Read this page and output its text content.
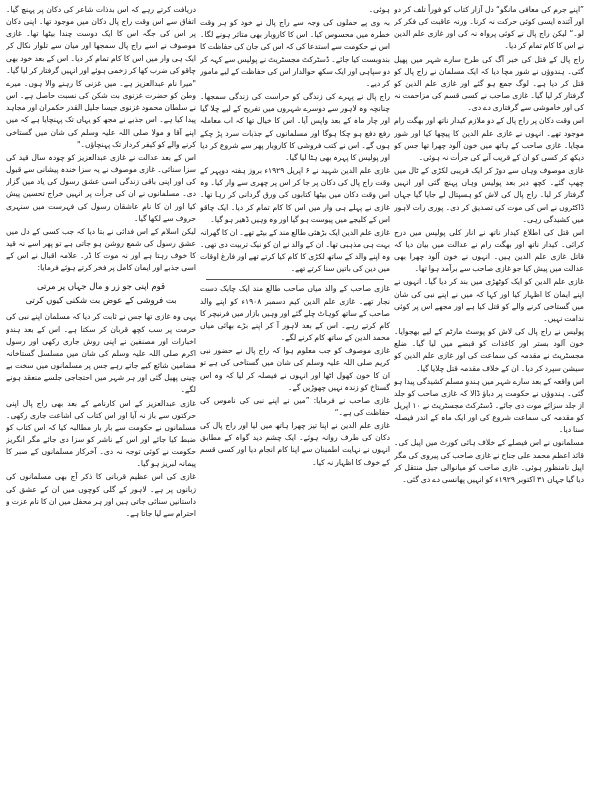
دریافت کرتے رہے کہ اس بدذات شاعر کی دکان پر پہنچ گیا۔ اتفاق سے اس وقت راج پال دکان میں موجود تھا۔ اپنی دکان پر اس کی جگہ اس کا ایک دوست چندا بیٹھا تھا۔ غازی موصوف نے اسے راج پال سمجھا اور میان سے تلوار نکال کر ایک ہی وار میں اس کا کام تمام کر دیا۔ اس کے بعد خود بھی چاقو کی ضرب کھا کر زخمی ہوئے اور انہیں گرفتار کر لیا گیا۔

"میرا نام عبدالعزیز ہے۔ میں غزنی کا رہنے والا ہوں۔ میرے وطن کو حضرت غزنوی بت شکن کی نسبت حاصل ہے۔ اس نے سلطان محمود غزنوی جیسا جلیل القدر حکمران اور مجاہد پیدا کیا ہے۔ اس جذبے نے مجھ کو یہاں تک پہنچایا ہے کہ میں اپنے آقا و مولا صلی اللہ علیہ وسلم کی شان میں گستاخی کرنے والے کو کیفر کردار تک پہنچاؤں۔"

اس کے بعد عدالت نے غازی عبدالعزیز کو چودہ سال قید کی سزا سنائی۔ غازی موصوف نے یہ سزا خندہ پیشانی سے قبول کی اور اپنی باقی زندگی اسی عشق رسول کی یاد میں گزار دی۔ مسلمانوں نے ان کی جرأت پر انہیں خراج تحسین پیش کیا اور ان کا نام عاشقان رسول کی فہرست میں سنہری حروف سے لکھا گیا۔

لیکن اسلام کے اس فدائی نے بتا دیا کہ جب کسی کے دل میں عشق رسول کی شمع روشن ہو جاتی ہے تو پھر اسے نہ قید کا خوف رہتا ہے اور نہ موت کا ڈر۔ علامہ اقبال نے اس کے اسی جذبے اور ایمان کامل پر فخر کرتے ہوئے فرمایا:

قوم اپنی جو زر و مال جہاں پر مرتی
بت فروشی کے عوض بت شکنی کیوں کرتی

یہی وہ غازی تھا جس نے ثابت کر دیا کہ مسلمان اپنے نبی کی حرمت پر سب کچھ قربان کر سکتا ہے۔ اس کے بعد ہندو اخبارات اور مصنفین نے اپنی روش جاری رکھی اور رسول اکرم صلی اللہ علیہ وسلم کی شان میں مسلسل گستاخانہ مضامین شائع کیے جاتے رہے جس پر مسلمانوں میں سخت بے چینی پھیل گئی اور ہر شہر میں احتجاجی جلسے منعقد ہونے لگے۔

غازی عبدالعزیز کے اس کارنامے کے بعد بھی راج پال اپنی حرکتوں سے باز نہ آیا اور اس کتاب کی اشاعت جاری رکھی۔ مسلمانوں نے حکومت سے بار بار مطالبہ کیا کہ اس کتاب کو ضبط کیا جائے اور اس کے ناشر کو سزا دی جائے مگر انگریز حکومت نے کوئی توجہ نہ دی۔ آخرکار مسلمانوں کے صبر کا پیمانہ لبریز ہو گیا۔

غازی کی اس عظیم قربانی کا ذکر آج بھی مسلمانوں کی زبانوں پر ہے۔ لاہور کے گلی کوچوں میں ان کے عشق کی داستانیں سنائی جاتی ہیں اور ہر محفل میں ان کا نام عزت و احترام سے لیا جاتا ہے۔

ہوئی۔

بہ وی پے حملوں کی وجہ سے راج پال نے خود کو ہر وقت خطرہ میں محسوس کیا۔ اس کا کاروبار بھی متاثر ہونے لگا۔ اس نے حکومت سے استدعا کی کہ اس کی جان کی حفاظت کا بندوبست کیا جائے۔ ڈسٹرکٹ مجسٹریٹ نے پولیس سے کہہ کر دو سپاہی اور ایک سکھ حوالدار اس کی حفاظت کے لیے مامور کر دیے۔

راج پال نے پہرے کی زندگی کو حراست کی زندگی سمجھا۔ چنانچہ وہ لاہور سے دوسرے شہروں میں تفریح کے لیے چلا گیا اور چار ماہ کے بعد واپس آیا۔ اس کا خیال تھا کہ اب معاملہ رفع دفع ہو چکا ہوگا اور مسلمانوں کے جذبات سرد پڑ چکے ہوں گے۔ اس نے کتب فروشی کا کاروبار پھر سے شروع کر دیا اور پولیس کا پہرہ بھی ہٹا لیا گیا۔

غازی علم الدین شہید نے ۶ اپریل ۱۹۲۹ء بروز ہفتہ دوپہر کے وقت راج پال کی دکان پر جا کر اس پر چھری سے وار کیا۔ وہ اس وقت دکان میں بیٹھا کتابوں کی ورق گردانی کر رہا تھا۔ غازی نے پہلے ہی وار میں اس کا کام تمام کر دیا۔ ایک چاقو اس کے کلیجے میں پیوست ہو گیا اور وہ وہیں ڈھیر ہو گیا۔

غازی علم الدین ایک بڑھئی طالع مند کے بیٹے تھے۔ ان کا گھرانہ بہت ہی مذہبی تھا۔ ان کے والد نے ان کو نیک تربیت دی تھی۔ وہ اپنے والد کے ساتھ لکڑی کا کام کیا کرتے تھے اور فارغ اوقات میں دین کی باتیں سنا کرتے تھے۔

غازی صاحب کے والد میاں صاحب طالع مند ایک چابک دست نجار تھے۔ غازی علم الدین کیم دسمبر ۱۹۰۸ء کو اپنے والد صاحب کے ساتھ کوہاٹ چلے گئے اور وہیں بازار میں فرنیچر کا کام کرتے رہے۔ اس کے بعد لاہور آ کر اپنے بڑے بھائی میاں محمد الدین کے ساتھ کام کرنے لگے۔

غازی موصوف کو جب معلوم ہوا کہ راج پال نے حضور نبی کریم صلی اللہ علیہ وسلم کی شان میں گستاخی کی ہے تو ان کا خون کھول اٹھا اور انہوں نے فیصلہ کر لیا کہ وہ اس گستاخ کو زندہ نہیں چھوڑیں گے۔

غازی صاحب نے فرمایا: ”میں نے اپنے نبی کی ناموس کی حفاظت کی ہے۔“

غازی علم الدین نے اپنا تیز چھرا ہاتھ میں لیا اور راج پال کی دکان کی طرف روانہ ہوئے۔ ایک چشم دید گواہ کے مطابق انہوں نے نہایت اطمینان سے اپنا کام انجام دیا اور کسی قسم کے خوف کا اظہار نہ کیا۔

”اپنے جرم کی معافی مانگو“ دل آزار کتاب کو فوراً تلف کر دو اور آئندہ ایسی کوئی حرکت نہ کرنا۔ ورنہ عاقبت کی فکر کر لو۔“ لیکن راج پال نے کوئی پرواہ نہ کی اور غازی علم الدین نے اس کا کام تمام کر دیا۔

راج پال کے قتل کی خبر آگ کی طرح سارے شہر میں پھیل گئی۔ ہندوؤں نے شور مچا دیا کہ ایک مسلمان نے راج پال کو قتل کر دیا ہے۔ لوگ جمع ہو گئے اور غازی علم الدین کو گرفتار کر لیا گیا۔ غازی صاحب نے کسی قسم کی مزاحمت نہ کی اور خاموشی سے گرفتاری دے دی۔

اس وقت دکان پر راج پال کے دو ملازم کیدار ناتھ اور بھگت رام موجود تھے۔ انہوں نے غازی علم الدین کا پیچھا کیا اور شور مچایا۔ غازی صاحب کے ہاتھ میں خون آلود چھرا تھا جس کو دیکھ کر کسی کو ان کے قریب آنے کی جرأت نہ ہوئی۔

غازی موصوف وہاں سے دوڑ کر ایک قریبی لکڑی کے ٹال میں چھپ گئے۔ کچھ دیر بعد پولیس وہاں پہنچ گئی اور انہیں گرفتار کر لیا۔ راج پال کی لاش کو ہسپتال لے جایا گیا جہاں ڈاکٹروں نے اس کی موت کی تصدیق کر دی۔ پوری رات لاہور میں کشیدگی رہی۔

اس قتل کی اطلاع کیدار ناتھ نے انار کلی پولیس میں درج کرائی۔ کیدار ناتھ اور بھگت رام نے عدالت میں بیان دیا کہ قاتل غازی علم الدین ہیں۔ انہوں نے خون آلود چھرا بھی عدالت میں پیش کیا جو غازی صاحب سے برآمد ہوا تھا۔

غازی علم الدین کو ایک کوٹھڑی میں بند کر دیا گیا۔ انہوں نے اپنے ایمان کا اظہار کیا اور کہا کہ میں نے اپنے نبی کی شان میں گستاخی کرنے والے کو قتل کیا ہے اور مجھے اس پر کوئی ندامت نہیں۔

پولیس نے راج پال کی لاش کو پوسٹ مارٹم کے لیے بھجوایا۔ خون آلود بستر اور کاغذات کو قبضے میں لیا گیا۔ ضلع مجسٹریٹ نے مقدمہ کی سماعت کی اور غازی علم الدین کو سیشن سپرد کر دیا۔ ان کے خلاف مقدمہ قتل چلایا گیا۔

اس واقعہ کے بعد سارے شہر میں ہندو مسلم کشیدگی پیدا ہو گئی۔ ہندوؤں نے حکومت پر دباؤ ڈالا کہ غازی صاحب کو جلد از جلد سزائے موت دی جائے۔ ڈسٹرکٹ مجسٹریٹ نے ۱۰ اپریل کو مقدمہ کی سماعت شروع کی اور ایک ماہ کے اندر فیصلہ سنا دیا۔

مسلمانوں نے اس فیصلے کے خلاف ہائی کورٹ میں اپیل کی۔ قائد اعظم محمد علی جناح نے غازی صاحب کی پیروی کی مگر اپیل نامنظور ہوئی۔ غازی صاحب کو میانوالی جیل منتقل کر دیا گیا جہاں ۳۱ اکتوبر ۱۹۲۹ء کو انہیں پھانسی دے دی گئی۔
